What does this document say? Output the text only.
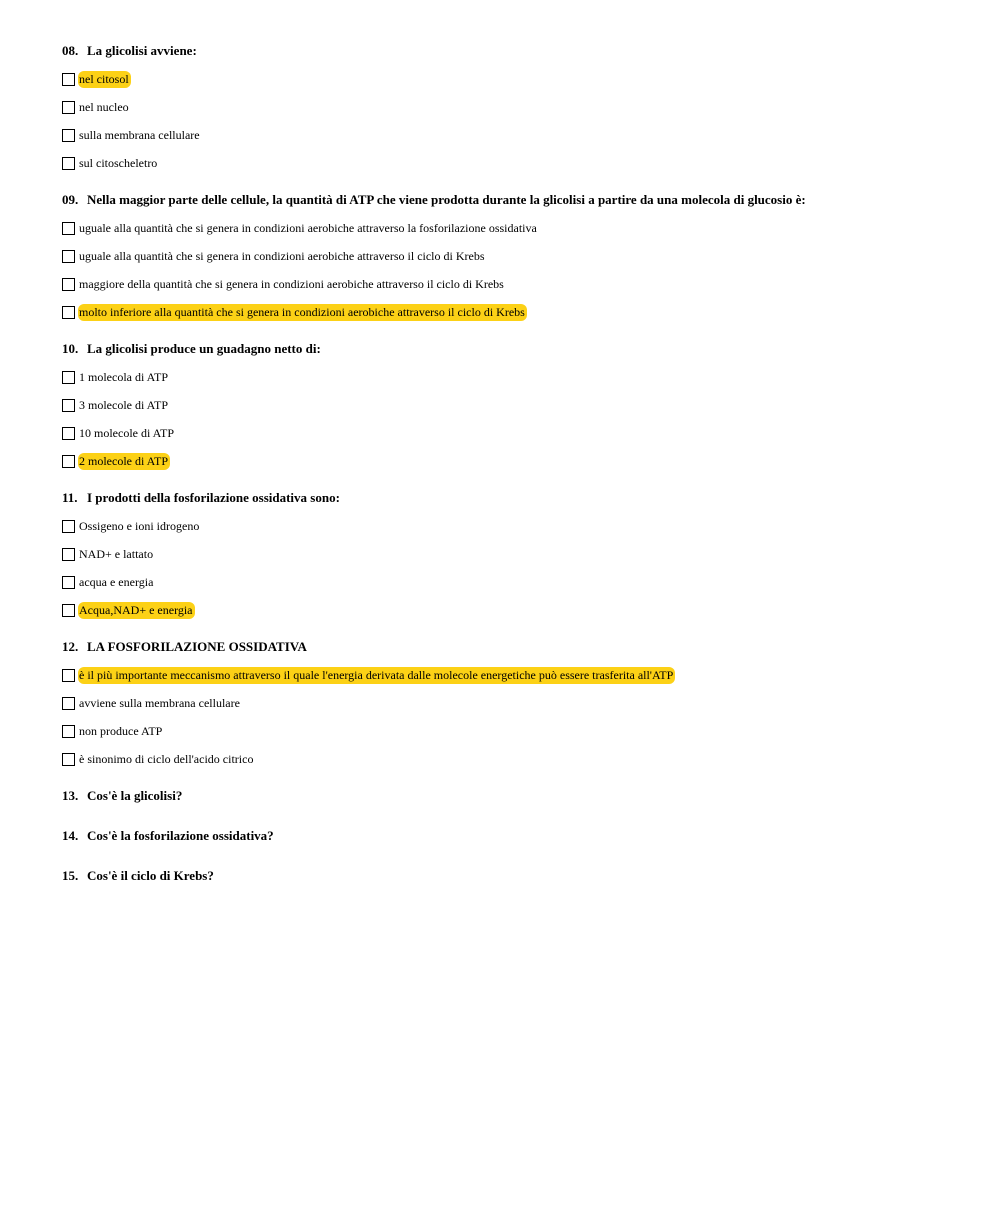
08. La glicolisi avviene:
nel citosol
nel nucleo
sulla membrana cellulare
sul citoscheletro
09. Nella maggior parte delle cellule, la quantità di ATP che viene prodotta durante la glicolisi a partire da una molecola di glucosio è:
uguale alla quantità che si genera in condizioni aerobiche attraverso la fosforilazione ossidativa
uguale alla quantità che si genera in condizioni aerobiche attraverso il ciclo di Krebs
maggiore della quantità che si genera in condizioni aerobiche attraverso il ciclo di Krebs
molto inferiore alla quantità che si genera in condizioni aerobiche attraverso il ciclo di Krebs
10. La glicolisi produce un guadagno netto di:
1 molecola di ATP
3 molecole di ATP
10 molecole di ATP
2 molecole di ATP
11. I prodotti della fosforilazione ossidativa sono:
Ossigeno e ioni idrogeno
NAD+ e lattato
acqua e energia
Acqua,NAD+ e energia
12. LA FOSFORILAZIONE OSSIDATIVA
è il più importante meccanismo attraverso il quale l'energia derivata dalle molecole energetiche può essere trasferita all'ATP
avviene sulla membrana cellulare
non produce ATP
è sinonimo di ciclo dell'acido citrico
13. Cos'è la glicolisi?
14. Cos'è la fosforilazione ossidativa?
15. Cos'è il ciclo di Krebs?
